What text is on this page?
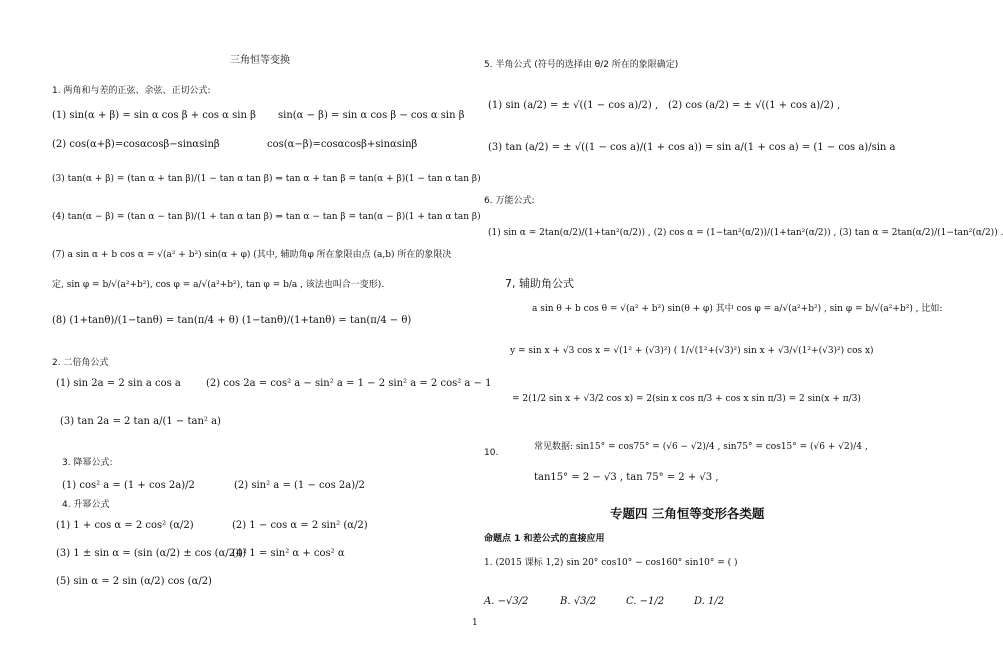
三角恒等变换
1. 两角和与差的正弦、余弦、正切公式:
(1) sin(α + β) = sin α cos β + cos α sin β sin(α − β) = sin α cos β − cos α sin β
(2) cos(α+β)=cosαcosβ−sinαsinβ	cos(α−β)=cosαcosβ+sinαsinβ
(3) tan(α + β) = (tan α + tan β)/(1 − tan α tan β) ⇒ tan α + tan β = tan(α + β)(1 − tan α tan β)
(4) tan(α − β) = (tan α − tan β)/(1 + tan α tan β) ⇒ tan α − tan β = tan(α − β)(1 + tan α tan β)
(7) a sin α + b cos α = √(a² + b²) sin(α + φ) (其中, 辅助角φ 所在象限由点 (a,b) 所在的象限决
定, sin φ = b/√(a²+b²), cos φ = a/√(a²+b²), tan φ = b/a , 该法也叫合一变形).
(8) (1+tanθ)/(1−tanθ) = tan(π/4 + θ) (1−tanθ)/(1+tanθ) = tan(π/4 − θ)
2. 二倍角公式
(1) sin 2a = 2 sin a cos a	(2) cos 2a = cos² a − sin² a = 1 − 2 sin² a = 2 cos² a − 1
(3) tan 2a = 2 tan a/(1 − tan² a)
3. 降幂公式:
(1) cos² a = (1 + cos 2a)/2	(2) sin² a = (1 − cos 2a)/2
4. 升幂公式
(1) 1 + cos α = 2 cos² (α/2)	(2) 1 − cos α = 2 sin² (α/2)
(3) 1 ± sin α = (sin (α/2) ± cos (α/2))²
(4) 1 = sin² α + cos² α
(5) sin α = 2 sin (α/2) cos (α/2)
5. 半角公式 (符号的选择由 θ/2 所在的象限确定)
(1) sin (a/2) = ± √((1 − cos a)/2) , (2) cos (a/2) = ± √((1 + cos a)/2) ,
(3) tan (a/2) = ± √((1 − cos a)/(1 + cos a)) = sin a/(1 + cos a) = (1 − cos a)/sin a
6. 万能公式:
(1) sin α = 2tan(α/2)/(1+tan²(α/2)) , (2) cos α = (1−tan²(α/2))/(1+tan²(α/2)) , (3) tan α = 2tan(α/2)/(1−tan²(α/2)) .
7, 辅助角公式
a sin θ + b cos θ = √(a² + b²) sin(θ + φ) 其中 cos φ = a/√(a²+b²) , sin φ = b/√(a²+b²) , 比如:
y = sin x + √3 cos x = √(1² + (√3)²) ( 1/√(1²+(√3)²) sin x + √3/√(1²+(√3)²) cos x)
= 2(1/2 sin x + √3/2 cos x) = 2(sin x cos π/3 + cos x sin π/3) = 2 sin(x + π/3)
10.
常见数据: sin15° = cos75° = (√6 − √2)/4 , sin75° = cos15° = (√6 + √2)/4 ,
tan15° = 2 − √3 , tan 75° = 2 + √3 ,
专题四 三角恒等变形各类题
命题点 1 和差公式的直接应用
1. (2015 课标 1,2) sin 20° cos10° − cos160° sin10° = ( )
A. −√3/2	B. √3/2	C. −1/2	D. 1/2
1
